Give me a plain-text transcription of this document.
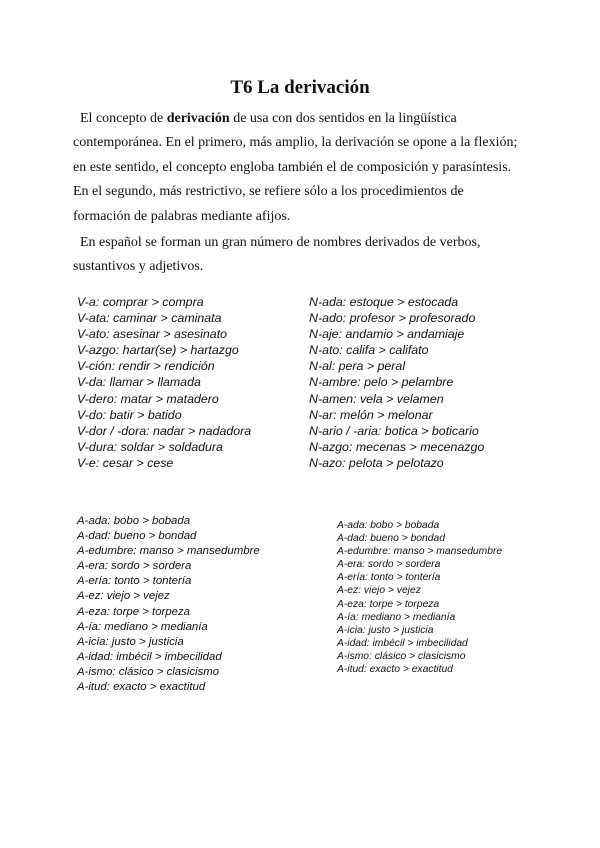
T6 La derivación
El concepto de derivación de usa con dos sentidos en la lingüística
contemporánea. En el primero, más amplio, la derivación se opone a la flexión;
en este sentido, el concepto engloba también el de composición y parasíntesis.
En el segundo, más restrictivo, se refiere sólo a los procedimientos de
formación de palabras mediante afijos.
En español se forman un gran número de nombres derivados de verbos,
sustantivos y adjetivos.
V-a: comprar > compra
V-ata: caminar > caminata
V-ato: asesinar > asesinato
V-azgo: hartar(se) > hartazgo
V-ción: rendir > rendición
V-da: llamar > llamada
V-dero: matar > matadero
V-do: batir > batido
V-dor / -dora: nadar > nadadora
V-dura: soldar > soldadura
V-e: cesar > cese
N-ada: estoque > estocada
N-ado: profesor > profesorado
N-aje: andamio > andamiaje
N-ato: califa > califato
N-al: pera > peral
N-ambre: pelo > pelambre
N-amen: vela > velamen
N-ar: melón > melonar
N-ario / -aria: botica > boticario
N-azgo: mecenas > mecenazgo
N-azo: pelota > pelotazo
A-ada: bobo > bobada
A-dad: bueno > bondad
A-edumbre: manso > mansedumbre
A-era: sordo > sordera
A-ería: tonto > tontería
A-ez: viejo > vejez
A-eza: torpe > torpeza
A-ía: mediano > medianía
A-icia: justo > justicia
A-idad: imbécil > imbecilidad
A-ismo: clásico > clasicismo
A-itud: exacto > exactitud
A-ada: bobo > bobada
A-dad: bueno > bondad
A-edumbre: manso > mansedumbre
A-era: sordo > sordera
A-ería: tonto > tontería
A-ez: viejo > vejez
A-eza: torpe > torpeza
A-ía: mediano > medianía
A-icia: justo > justicia
A-idad: imbécil > imbecilidad
A-ismo: clásico > clasicismo
A-itud: exacto > exactitud
